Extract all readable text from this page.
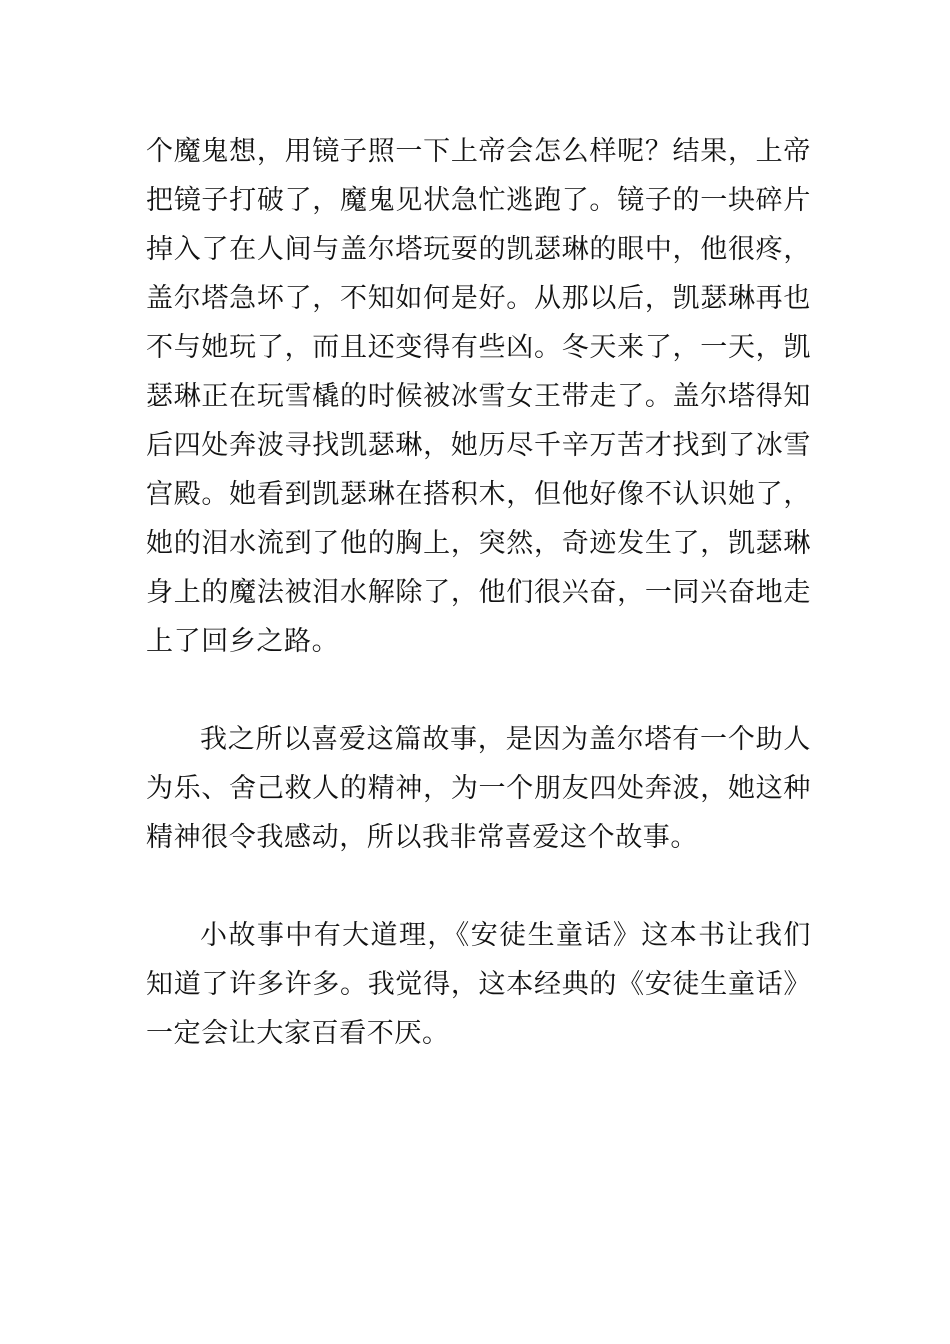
个魔鬼想，用镜子照一下上帝会怎么样呢？结果，上帝把镜子打破了，魔鬼见状急忙逃跑了。镜子的一块碎片掉入了在人间与盖尔塔玩耍的凯瑟琳的眼中，他很疼，盖尔塔急坏了，不知如何是好。从那以后，凯瑟琳再也不与她玩了，而且还变得有些凶。冬天来了，一天，凯瑟琳正在玩雪橇的时候被冰雪女王带走了。盖尔塔得知后四处奔波寻找凯瑟琳，她历尽千辛万苦才找到了冰雪宫殿。她看到凯瑟琳在搭积木，但他好像不认识她了，她的泪水流到了他的胸上，突然，奇迹发生了，凯瑟琳身上的魔法被泪水解除了，他们很兴奋，一同兴奋地走上了回乡之路。

我之所以喜爱这篇故事，是因为盖尔塔有一个助人为乐、舍己救人的精神，为一个朋友四处奔波，她这种精神很令我感动，所以我非常喜爱这个故事。

小故事中有大道理，《安徒生童话》这本书让我们知道了许多许多。我觉得，这本经典的《安徒生童话》一定会让大家百看不厌。
